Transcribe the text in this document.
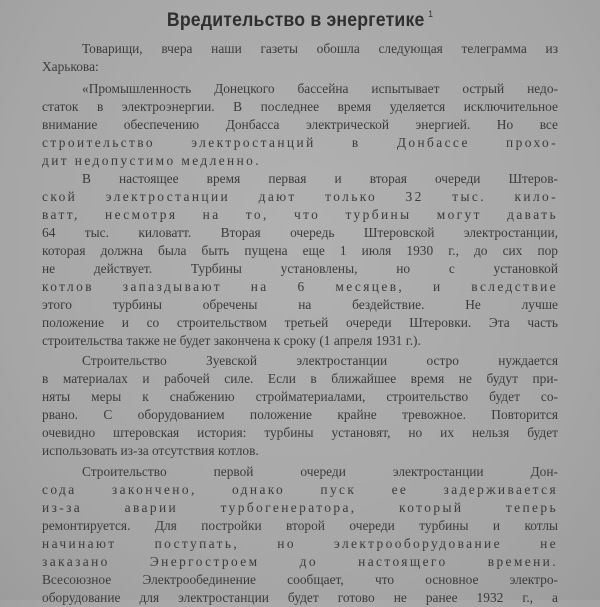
Вредительство в энергетике $^1$
Товарищи, вчера наши газеты обошла следующая телеграмма из
Харькова:
«Промышленность Донецкого бассейна испытывает острый недо-
статок в электроэнергии. В последнее время уделяется исключительное
внимание обеспечению Донбасса электрической энергией. Но все
строительство электростанций в Донбассе прохо-
дит недопустимо медленно.
В настоящее время первая и вторая очереди Штеров-
ской электростанции дают только 32 тыс. кило-
ватт, несмотря на то, что турбины могут давать
64 тыс. киловатт. Вторая очередь Штеровской электростанции,
которая должна была быть пущена еще 1 июля 1930 г., до сих пор
не действует. Турбины установлены, но с установкой
котлов запаздывают на 6 месяцев, и вследствие
этого турбины обречены на бездействие. Не лучше
положение и со строительством третьей очереди Штеровки. Эта часть
строительства также не будет закончена к сроку (1 апреля 1931 г.).
Строительство Зуевской электростанции остро нуждается
в материалах и рабочей силе. Если в ближайшее время не будут при-
няты меры к снабжению стройматериалами, строительство будет со-
рвано. С оборудованием положение крайне тревожное. Повторится
очевидно штеровская история: турбины установят, но их нельзя будет
использовать из-за отсутствия котлов.
Строительство первой очереди электростанции Дон-
сода закончено, однако пуск ее задерживается
из-за аварии турбогенератора, который теперь
ремонтируется. Для постройки второй очереди турбины и котлы
начинают поступать, но электрооборудование не
заказано Энергостроем до настоящего времени.
Всесоюзное Электрообединение сообщает, что основное электро-
оборудование для электростанции будет готово не ранее 1932 г., а
